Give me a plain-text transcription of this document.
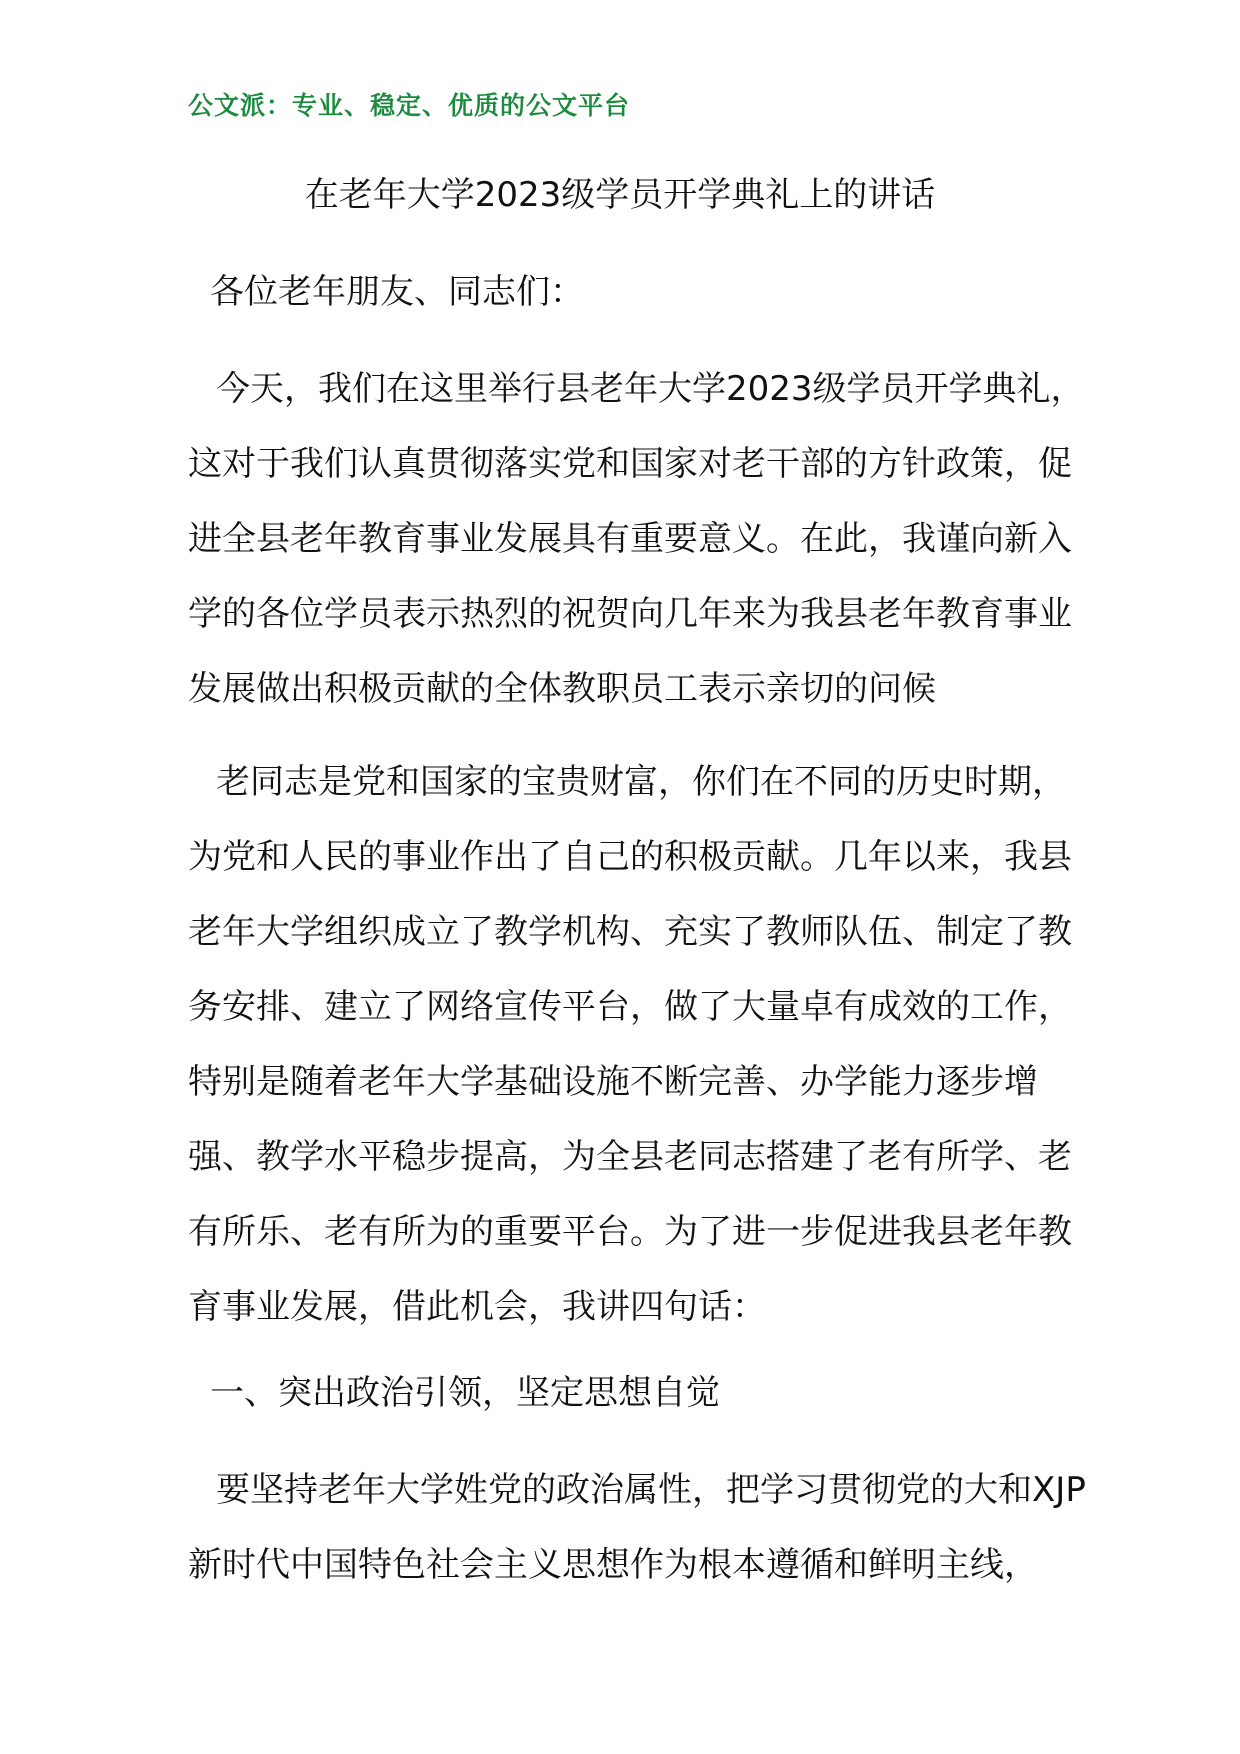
公文派：专业、稳定、优质的公文平台
在老年大学2023级学员开学典礼上的讲话

各位老年朋友、同志们：

今天，我们在这里举行县老年大学2023级学员开学典礼，这对于我们认真贯彻落实党和国家对老干部的方针政策，促进全县老年教育事业发展具有重要意义。在此，我谨向新入学的各位学员表示热烈的祝贺向几年来为我县老年教育事业发展做出积极贡献的全体教职员工表示亲切的问候

老同志是党和国家的宝贵财富，你们在不同的历史时期，为党和人民的事业作出了自己的积极贡献。几年以来，我县老年大学组织成立了教学机构、充实了教师队伍、制定了教务安排、建立了网络宣传平台，做了大量卓有成效的工作，特别是随着老年大学基础设施不断完善、办学能力逐步增强、教学水平稳步提高，为全县老同志搭建了老有所学、老有所乐、老有所为的重要平台。为了进一步促进我县老年教育事业发展，借此机会，我讲四句话：

一、突出政治引领，坚定思想自觉

要坚持老年大学姓党的政治属性，把学习贯彻党的大和XJP新时代中国特色社会主义思想作为根本遵循和鲜明主线，
